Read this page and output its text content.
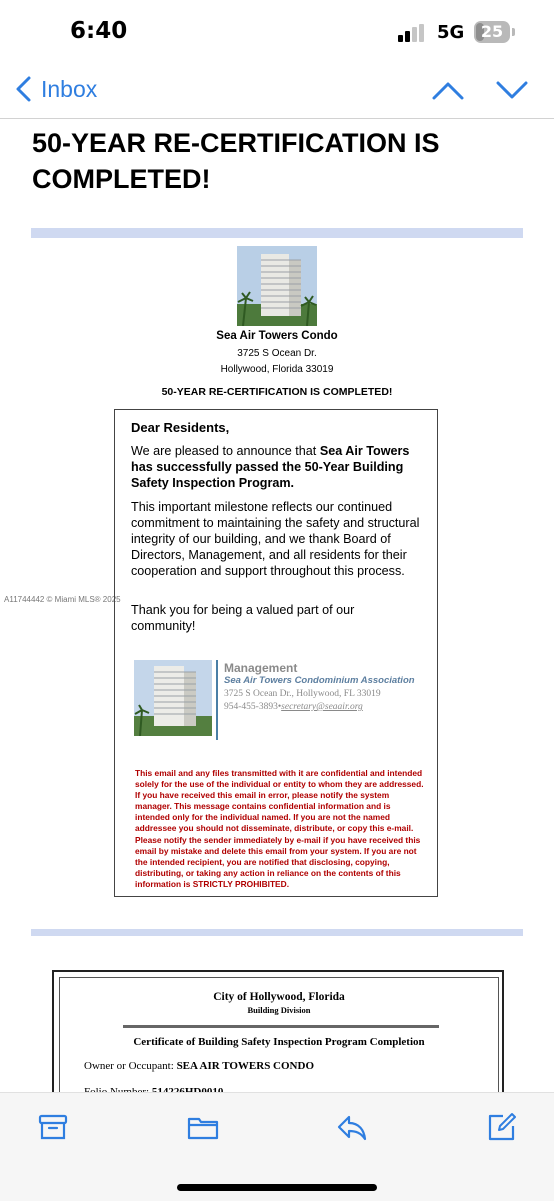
6:40	5G	25
Inbox
50-YEAR RE-CERTIFICATION IS COMPLETED!
Sea Air Towers Condo
3725 S Ocean Dr.
Hollywood, Florida 33019
50-YEAR RE-CERTIFICATION IS COMPLETED!
A11744442 © Miami MLS® 2025
Dear Residents,
We are pleased to announce that Sea Air Towers has successfully passed the 50-Year Building Safety Inspection Program.
This important milestone reflects our continued commitment to maintaining the safety and structural integrity of our building, and we thank Board of Directors, Management, and all residents for their cooperation and support throughout this process.
Thank you for being a valued part of our community!
Management
Sea Air Towers Condominium Association
3725 S Ocean Dr., Hollywood, FL 33019
954-455-3893•secretary@seaair.org
This email and any files transmitted with it are confidential and intended solely for the use of the individual or entity to whom they are addressed. If you have received this email in error, please notify the system manager. This message contains confidential information and is intended only for the individual named. If you are not the named addressee you should not disseminate, distribute, or copy this e-mail. Please notify the sender immediately by e-mail if you have received this email by mistake and delete this email from your system. If you are not the intended recipient, you are notified that disclosing, copying, distributing, or taking any action in reliance on the contents of this information is STRICTLY PROHIBITED.
City of Hollywood, Florida
Building Division
Certificate of Building Safety Inspection Program Completion
Owner or Occupant: SEA AIR TOWERS CONDO
